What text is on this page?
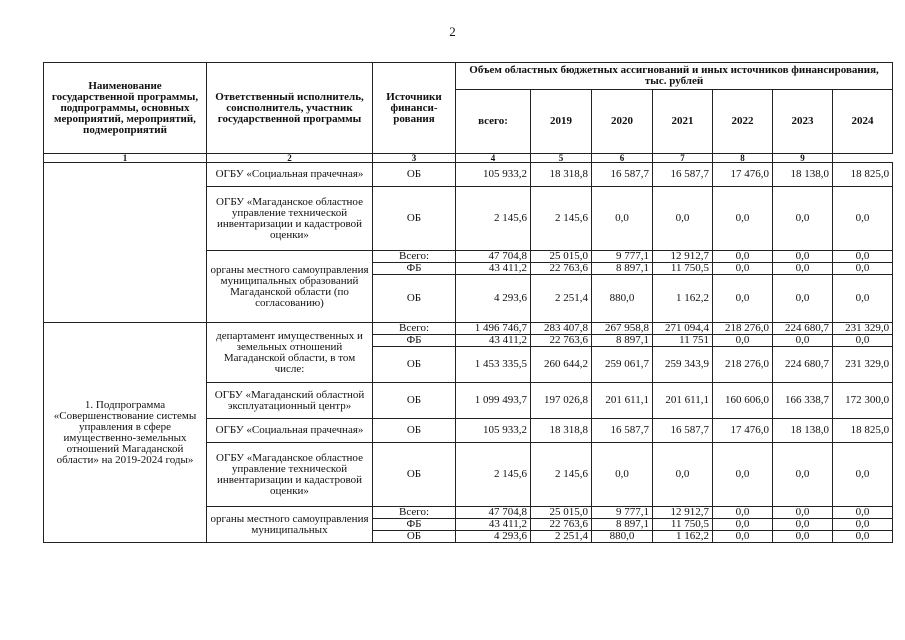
2
Наименование государственной программы, подпрограммы, основных мероприятий, мероприятий, подмероприятий	Ответственный исполнитель, соисполнитель, участник государственной программы	Источники финанси-рования	Объем областных бюджетных ассигнований и иных источников финансирования, тыс. рублей						
			всего:	2019	2020	2021	2022	2023	2024
1	2	3	4	5	6	7	8	9	
	ОГБУ «Социальная прачечная»	ОБ	105 933,2	18 318,8	16 587,7	16 587,7	17 476,0	18 138,0	18 825,0
	ОГБУ «Магаданское областное управление технической инвентаризации и кадастровой оценки»	ОБ	2 145,6	2 145,6	0,0	0,0	0,0	0,0	0,0
	органы местного самоуправления муниципальных образований Магаданской области (по согласованию)	Всего:	47 704,8	25 015,0	9 777,1	12 912,7	0,0	0,0	0,0
		ФБ	43 411,2	22 763,6	8 897,1	11 750,5	0,0	0,0	0,0
		ОБ	4 293,6	2 251,4	880,0	1 162,2	0,0	0,0	0,0
1. Подпрограмма «Совершенствование системы управления в сфере имущественно-земельных отношений Магаданской области» на 2019-2024 годы»	департамент имущественных и земельных отношений Магаданской области, в том числе:	Всего:	1 496 746,7	283 407,8	267 958,8	271 094,4	218 276,0	224 680,7	231 329,0
		ФБ	43 411,2	22 763,6	8 897,1	11 751	0,0	0,0	0,0
		ОБ	1 453 335,5	260 644,2	259 061,7	259 343,9	218 276,0	224 680,7	231 329,0
	ОГБУ «Магаданский областной эксплуатационный центр»	ОБ	1 099 493,7	197 026,8	201 611,1	201 611,1	160 606,0	166 338,7	172 300,0
	ОГБУ «Социальная прачечная»	ОБ	105 933,2	18 318,8	16 587,7	16 587,7	17 476,0	18 138,0	18 825,0
	ОГБУ «Магаданское областное управление технической инвентаризации и кадастровой оценки»	ОБ	2 145,6	2 145,6	0,0	0,0	0,0	0,0	0,0
	органы местного самоуправления муниципальных	Всего:	47 704,8	25 015,0	9 777,1	12 912,7	0,0	0,0	0,0
		ФБ	43 411,2	22 763,6	8 897,1	11 750,5	0,0	0,0	0,0
		ОБ	4 293,6	2 251,4	880,0	1 162,2	0,0	0,0	0,0
